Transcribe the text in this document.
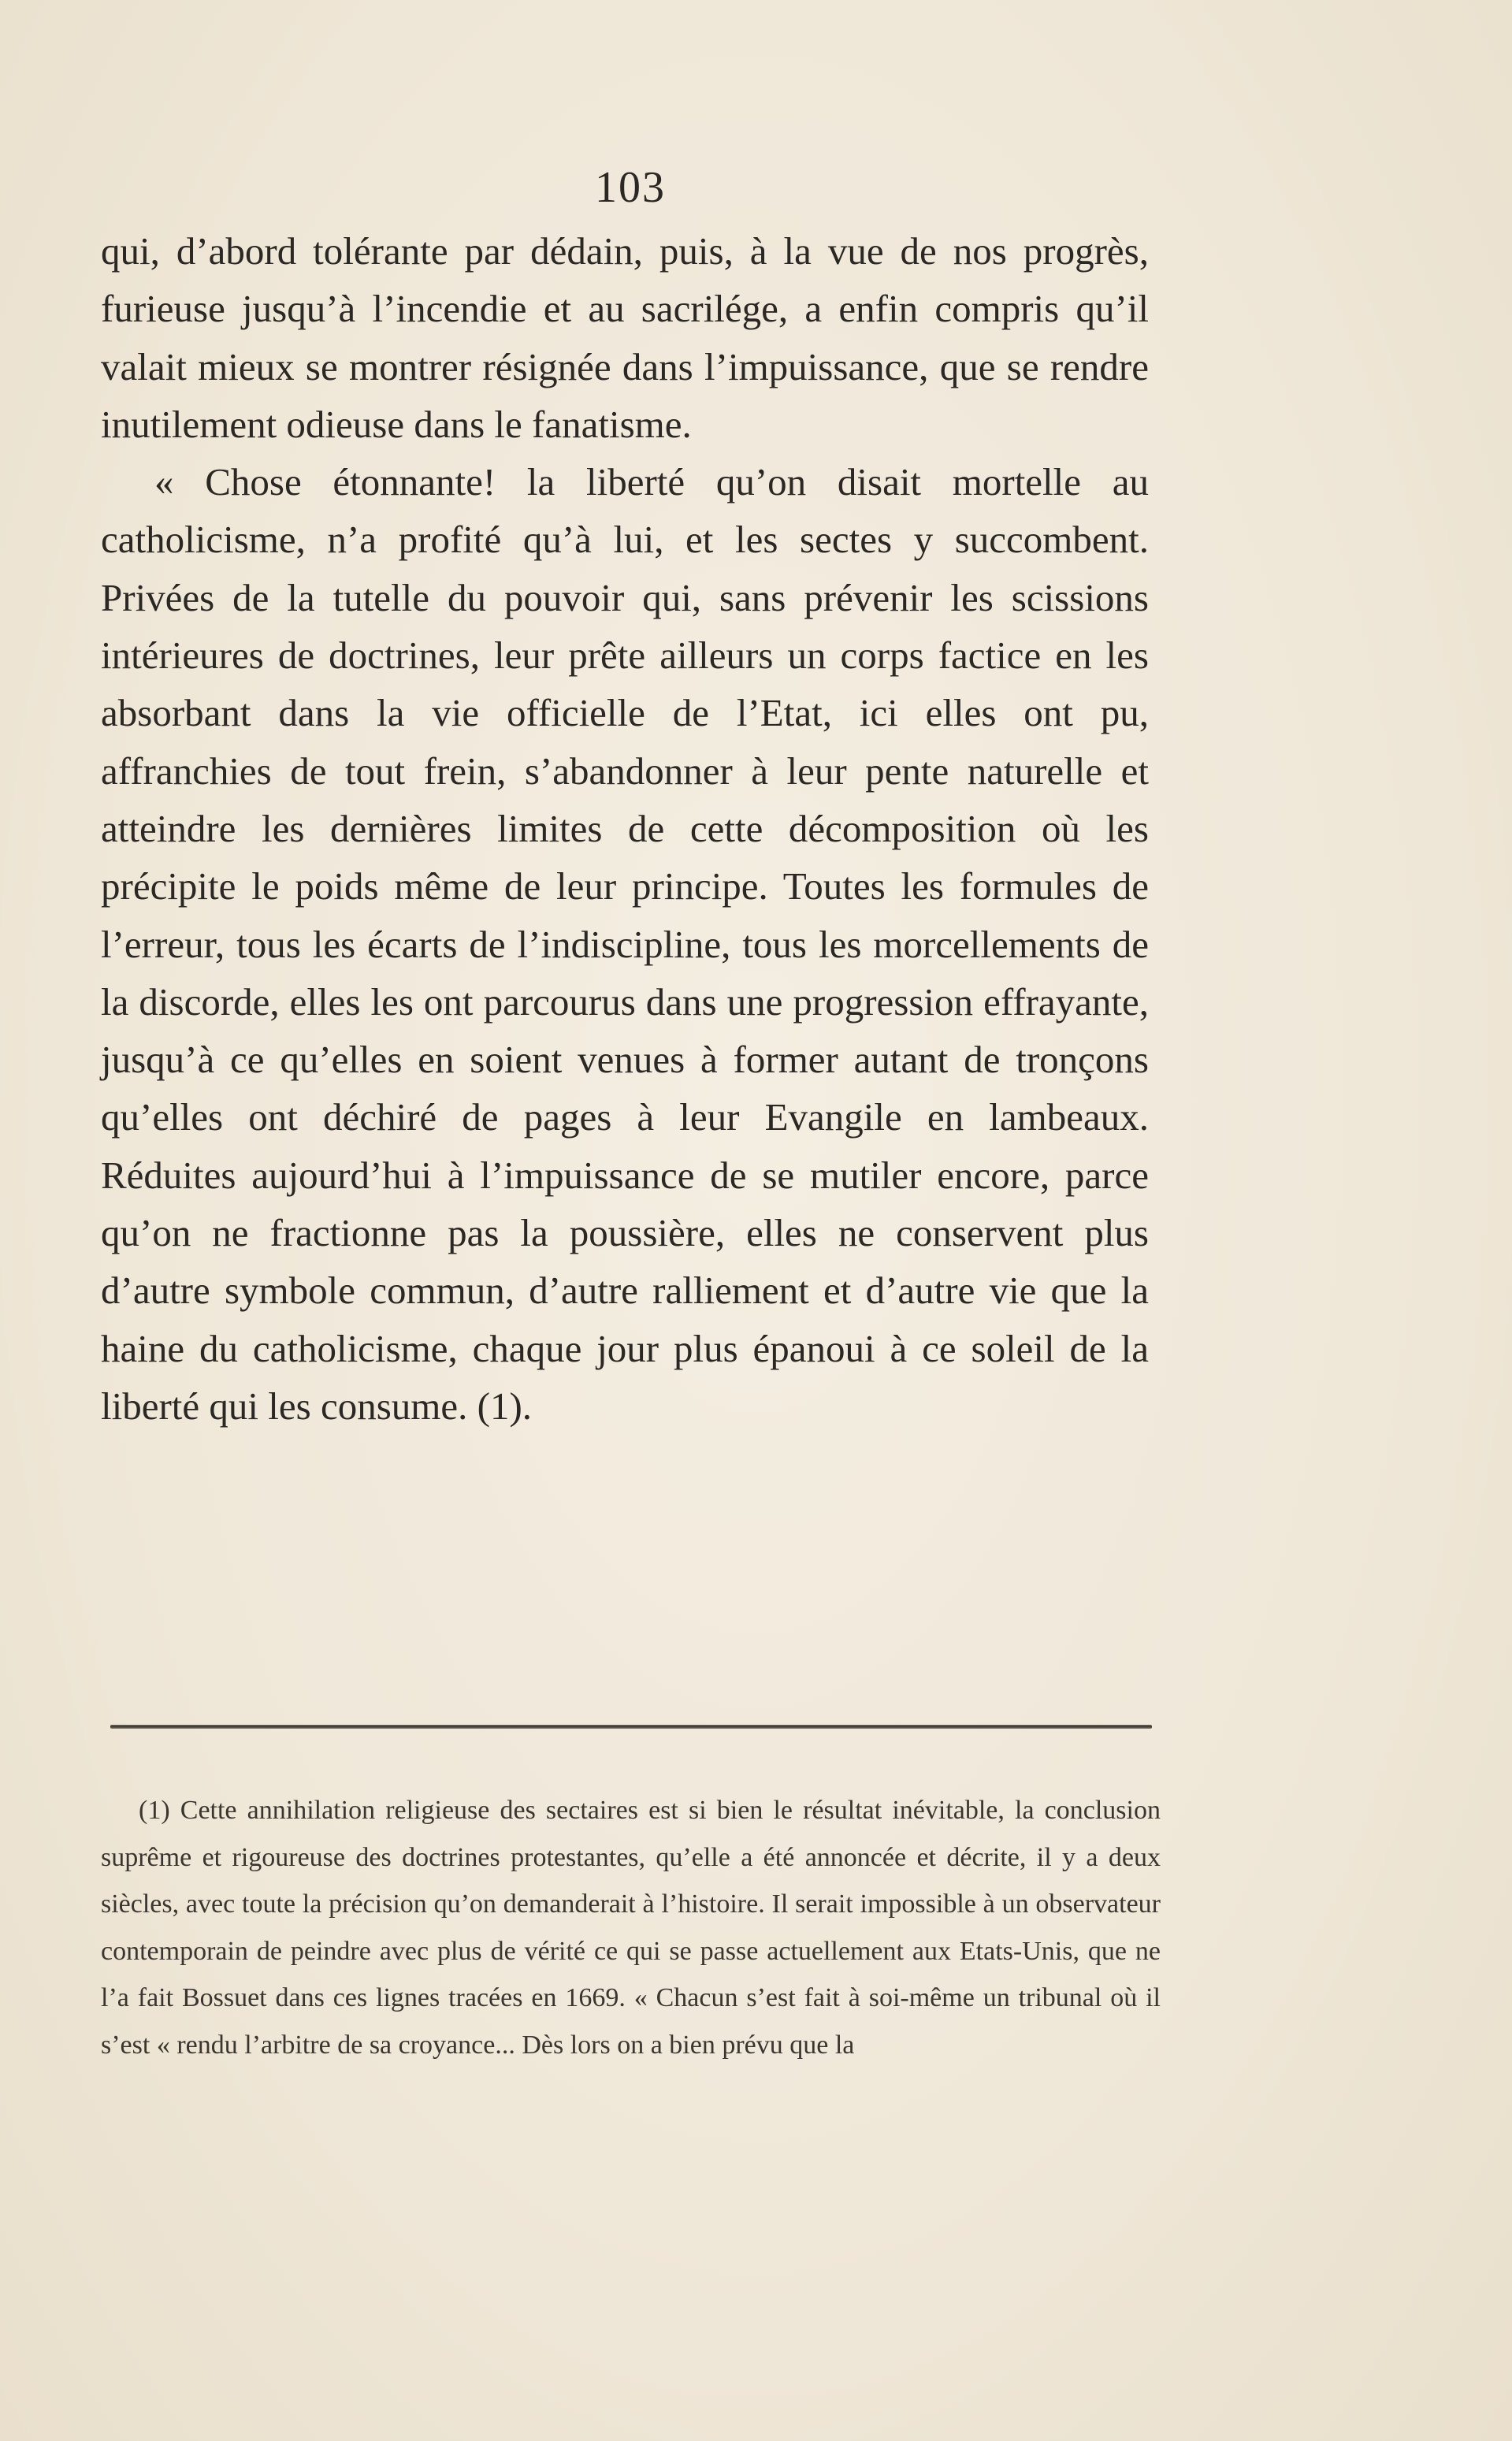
103

qui, d’abord tolérante par dédain, puis, à la vue de nos progrès, furieuse jusqu’à l’incendie et au sacrilége, a enfin compris qu’il valait mieux se montrer résignée dans l’impuissance, que se rendre inutilement odieuse dans le fanatisme.

« Chose étonnante! la liberté qu’on disait mortelle au catholicisme, n’a profité qu’à lui, et les sectes y succombent. Privées de la tutelle du pouvoir qui, sans prévenir les scissions intérieures de doctrines, leur prête ailleurs un corps factice en les absorbant dans la vie officielle de l’Etat, ici elles ont pu, affranchies de tout frein, s’abandonner à leur pente naturelle et atteindre les dernières limites de cette décomposition où les précipite le poids même de leur principe. Toutes les formules de l’erreur, tous les écarts de l’indiscipline, tous les morcellements de la discorde, elles les ont parcourus dans une progression effrayante, jusqu’à ce qu’elles en soient venues à former autant de tronçons qu’elles ont déchiré de pages à leur Evangile en lambeaux. Réduites aujourd’hui à l’impuissance de se mutiler encore, parce qu’on ne fractionne pas la poussière, elles ne conservent plus d’autre symbole commun, d’autre ralliement et d’autre vie que la haine du catholicisme, chaque jour plus épanoui à ce soleil de la liberté qui les consume. (1).

(1) Cette annihilation religieuse des sectaires est si bien le résultat inévitable, la conclusion suprême et rigoureuse des doctrines protestantes, qu’elle a été annoncée et décrite, il y a deux siècles, avec toute la précision qu’on demanderait à l’histoire. Il serait impossible à un observateur contemporain de peindre avec plus de vérité ce qui se passe actuellement aux Etats-Unis, que ne l’a fait Bossuet dans ces lignes tracées en 1669. « Chacun s’est fait à soi-même un tribunal où il s’est « rendu l’arbitre de sa croyance... Dès lors on a bien prévu que la
